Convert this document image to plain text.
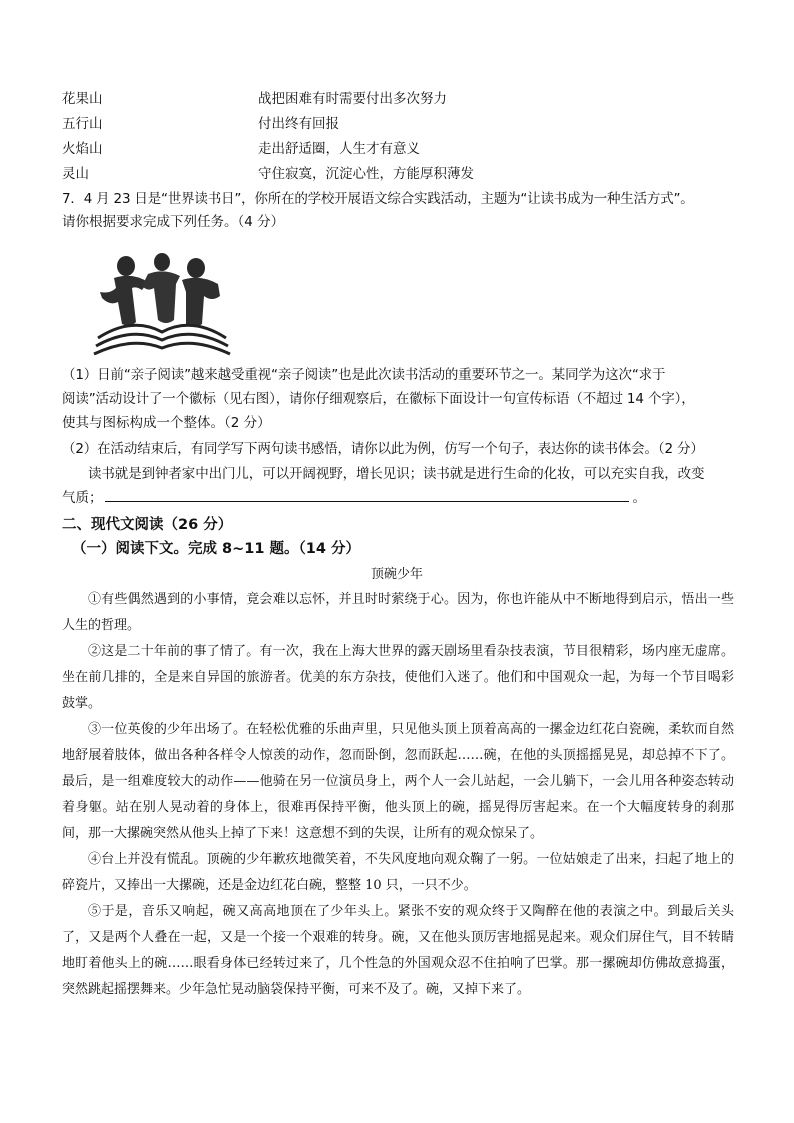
花果山	战把困难有时需要付出多次努力
五行山	付出终有回报
火焰山	走出舒适圈，人生才有意义
灵山	守住寂寞，沉淀心性，方能厚积薄发
7．4 月 23 日是“世界读书日”，你所在的学校开展语文综合实践活动，主题为“让读书成为一种生活方式”。
请你根据要求完成下列任务。（4 分）
（1）日前“亲子阅读”越来越受重视“亲子阅读”也是此次读书活动的重要环节之一。某同学为这次“求于
阅读”活动设计了一个徽标（见右图），请你仔细观察后，在徽标下面设计一句宣传标语（不超过 14 个字），
使其与图标构成一个整体。（2 分）
（2）在活动结束后，有同学写下两句读书感悟，请你以此为例，仿写一个句子，表达你的读书体会。（2 分）
读书就是到钟者家中出门儿，可以开阔视野，增长见识；读书就是进行生命的化妆，可以充实自我，改变
气质；	。
二、现代文阅读（26 分）
（一）阅读下文。完成 8~11 题。（14 分）
顶碗少年

①有些偶然遇到的小事情，竟会难以忘怀，并且时时萦绕于心。因为，你也许能从中不断地得到启示，悟出一些人生的哲理。

②这是二十年前的事了情了。有一次，我在上海大世界的露天剧场里看杂技表演，节目很精彩，场内座无虚席。坐在前几排的，全是来自异国的旅游者。优美的东方杂技，使他们入迷了。他们和中国观众一起，为每一个节目喝彩鼓掌。

③一位英俊的少年出场了。在轻松优雅的乐曲声里，只见他头顶上顶着高高的一摞金边红花白瓷碗，柔软而自然地舒展着肢体，做出各种各样令人惊羡的动作，忽而卧倒，忽而跃起……碗，在他的头顶摇摇晃晃，却总掉不下了。最后，是一组难度较大的动作——他骑在另一位演员身上，两个人一会儿站起，一会儿躺下，一会儿用各种姿态转动着身躯。站在别人晃动着的身体上，很难再保持平衡，他头顶上的碗，摇晃得厉害起来。在一个大幅度转身的刹那间，那一大摞碗突然从他头上掉了下来！这意想不到的失误，让所有的观众惊呆了。

④台上并没有慌乱。顶碗的少年歉疚地微笑着，不失风度地向观众鞠了一躬。一位姑娘走了出来，扫起了地上的碎瓷片，又捧出一大摞碗，还是金边红花白碗，整整 10 只，一只不少。

⑤于是，音乐又响起，碗又高高地顶在了少年头上。紧张不安的观众终于又陶醉在他的表演之中。到最后关头了，又是两个人叠在一起，又是一个接一个艰难的转身。碗，又在他头顶厉害地摇晃起来。观众们屏住气，目不转睛地盯着他头上的碗……眼看身体已经转过来了，几个性急的外国观众忍不住拍响了巴掌。那一摞碗却仿佛故意捣蛋，突然跳起摇摆舞来。少年急忙晃动脑袋保持平衡，可来不及了。碗，又掉下来了。
